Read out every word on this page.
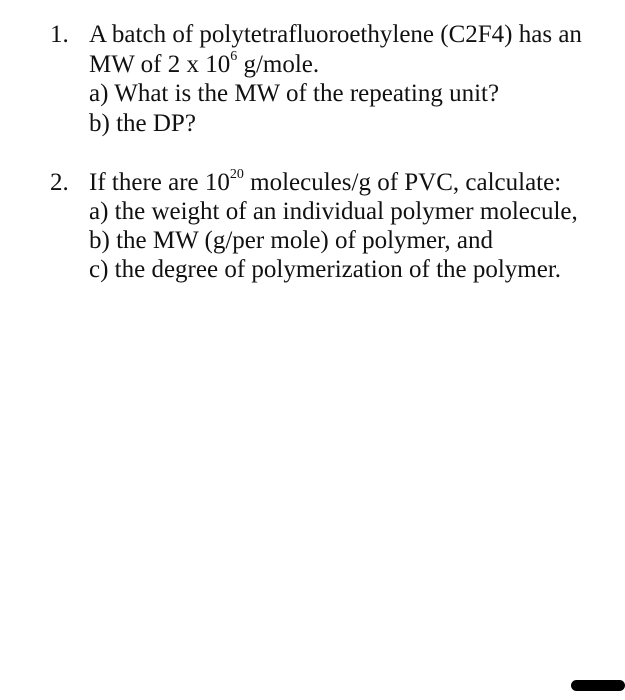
1. A batch of polytetrafluoroethylene (C2F4) has an
MW of 2 x $10^6$ g/mole.
a) What is the MW of the repeating unit?
b) the DP?
2. If there are $10^{20}$ molecules/g of PVC, calculate:
a) the weight of an individual polymer molecule,
b) the MW (g/per mole) of polymer, and
c) the degree of polymerization of the polymer.
